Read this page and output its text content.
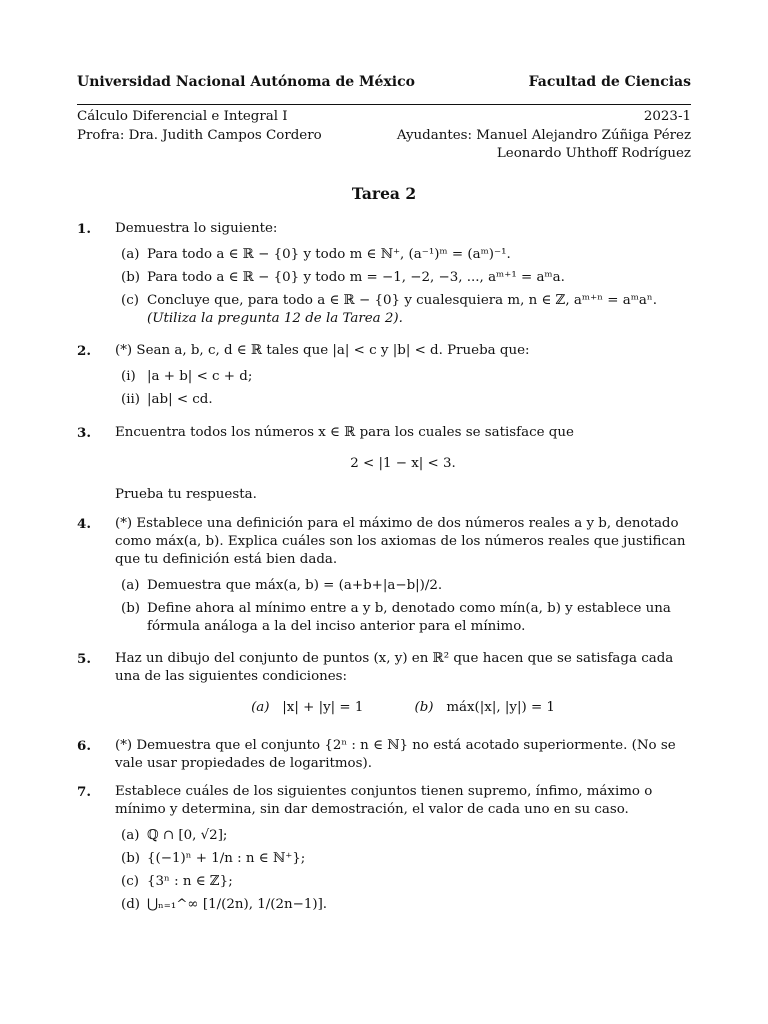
Universidad Nacional Autónoma de México	Facultad de Ciencias
Cálculo Diferencial e Integral I
Profra: Dra. Judith Campos Cordero
2023-1
Ayudantes: Manuel Alejandro Zúñiga Pérez
Leonardo Uhthoff Rodríguez
Tarea 2
1. Demuestra lo siguiente:
(a) Para todo a ∈ ℝ − {0} y todo m ∈ ℕ⁺, (a⁻¹)ᵐ = (aᵐ)⁻¹.
(b) Para todo a ∈ ℝ − {0} y todo m = −1, −2, −3, ..., aᵐ⁺¹ = aᵐa.
(c) Concluye que, para todo a ∈ ℝ − {0} y cualesquiera m, n ∈ ℤ, aᵐ⁺ⁿ = aᵐaⁿ.
(Utiliza la pregunta 12 de la Tarea 2).
2. (*) Sean a, b, c, d ∈ ℝ tales que |a| < c y |b| < d. Prueba que:
(i) |a + b| < c + d;
(ii) |ab| < cd.
3. Encuentra todos los números x ∈ ℝ para los cuales se satisface que
2 < |1 − x| < 3.
Prueba tu respuesta.
4. (*) Establece una definición para el máximo de dos números reales a y b, denotado como máx(a, b). Explica cuáles son los axiomas de los números reales que justifican que tu definición está bien dada.
(a) Demuestra que máx(a, b) = (a+b+|a−b|)/2.
(b) Define ahora al mínimo entre a y b, denotado como mín(a, b) y establece una fórmula análoga a la del inciso anterior para el mínimo.
5. Haz un dibujo del conjunto de puntos (x, y) en ℝ² que hacen que se satisfaga cada una de las siguientes condiciones:
(a) |x| + |y| = 1	(b) máx(|x|, |y|) = 1
6. (*) Demuestra que el conjunto {2ⁿ : n ∈ ℕ} no está acotado superiormente. (No se vale usar propiedades de logaritmos).
7. Establece cuáles de los siguientes conjuntos tienen supremo, ínfimo, máximo o mínimo y determina, sin dar demostración, el valor de cada uno en su caso.
(a) ℚ ∩ [0, √2];
(b) {(−1)ⁿ + 1/n : n ∈ ℕ⁺};
(c) {3ⁿ : n ∈ ℤ};
(d) ⋃ₙ₌₁^∞ [1/(2n), 1/(2n−1)].
